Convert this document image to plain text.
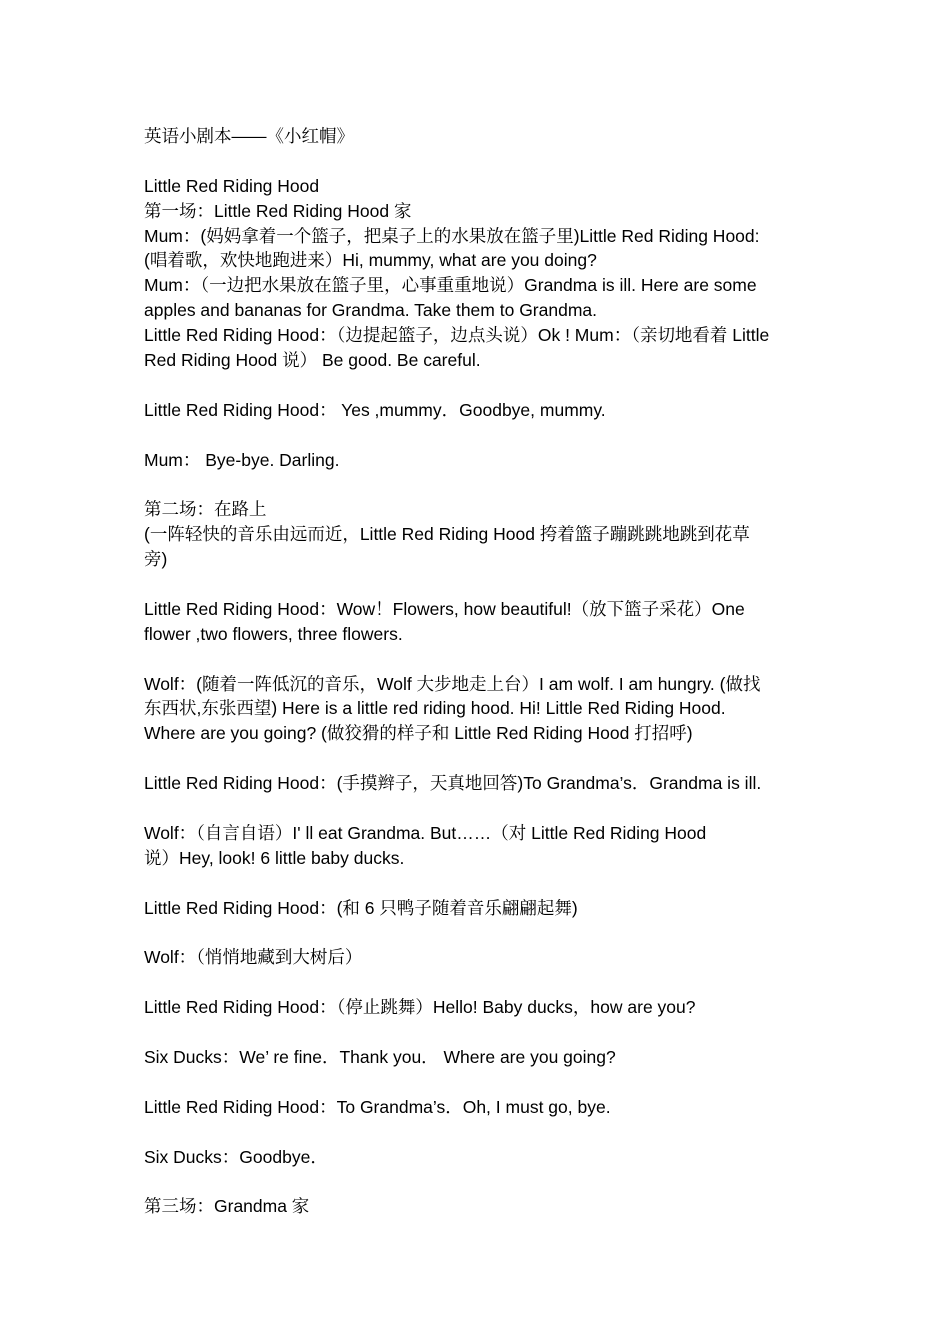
英语小剧本——《小红帽》
Little Red Riding Hood
第一场：Little Red Riding Hood 家
Mum：(妈妈拿着一个篮子，把桌子上的水果放在篮子里)Little Red Riding Hood:
(唱着歌，欢快地跑进来）Hi, mummy, what are you doing?
Mum：（一边把水果放在篮子里，心事重重地说）Grandma is ill. Here are some
apples and bananas for Grandma. Take them to Grandma.
Little Red Riding Hood：（边提起篮子，边点头说）Ok ! Mum：（亲切地看着 Little
Red Riding Hood 说） Be good. Be careful.
Little Red Riding Hood： Yes ,mummy．Goodbye, mummy.
Mum： Bye-bye. Darling.
第二场：在路上
(一阵轻快的音乐由远而近，Little Red Riding Hood 挎着篮子蹦跳跳地跳到花草
旁)
Little Red Riding Hood：Wow！Flowers, how beautiful!（放下篮子采花）One
flower ,two flowers, three flowers.
Wolf：(随着一阵低沉的音乐，Wolf 大步地走上台）I am wolf. I am hungry. (做找
东西状,东张西望) Here is a little red riding hood. Hi! Little Red Riding Hood.
Where are you going? (做狡猾的样子和 Little Red Riding Hood 打招呼)
Little Red Riding Hood：(手摸辫子，天真地回答)To Grandma’s．Grandma is ill.
Wolf：（自言自语）I' ll eat Grandma. But……（对 Little Red Riding Hood
说）Hey, look! 6 little baby ducks.
Little Red Riding Hood：(和 6 只鸭子随着音乐翩翩起舞)
Wolf：（悄悄地藏到大树后）
Little Red Riding Hood：（停止跳舞）Hello! Baby ducks，how are you?
Six Ducks：We’ re fine．Thank you． Where are you going?
Little Red Riding Hood：To Grandma’s．Oh, I must go, bye.
Six Ducks：Goodbye．
第三场：Grandma 家
